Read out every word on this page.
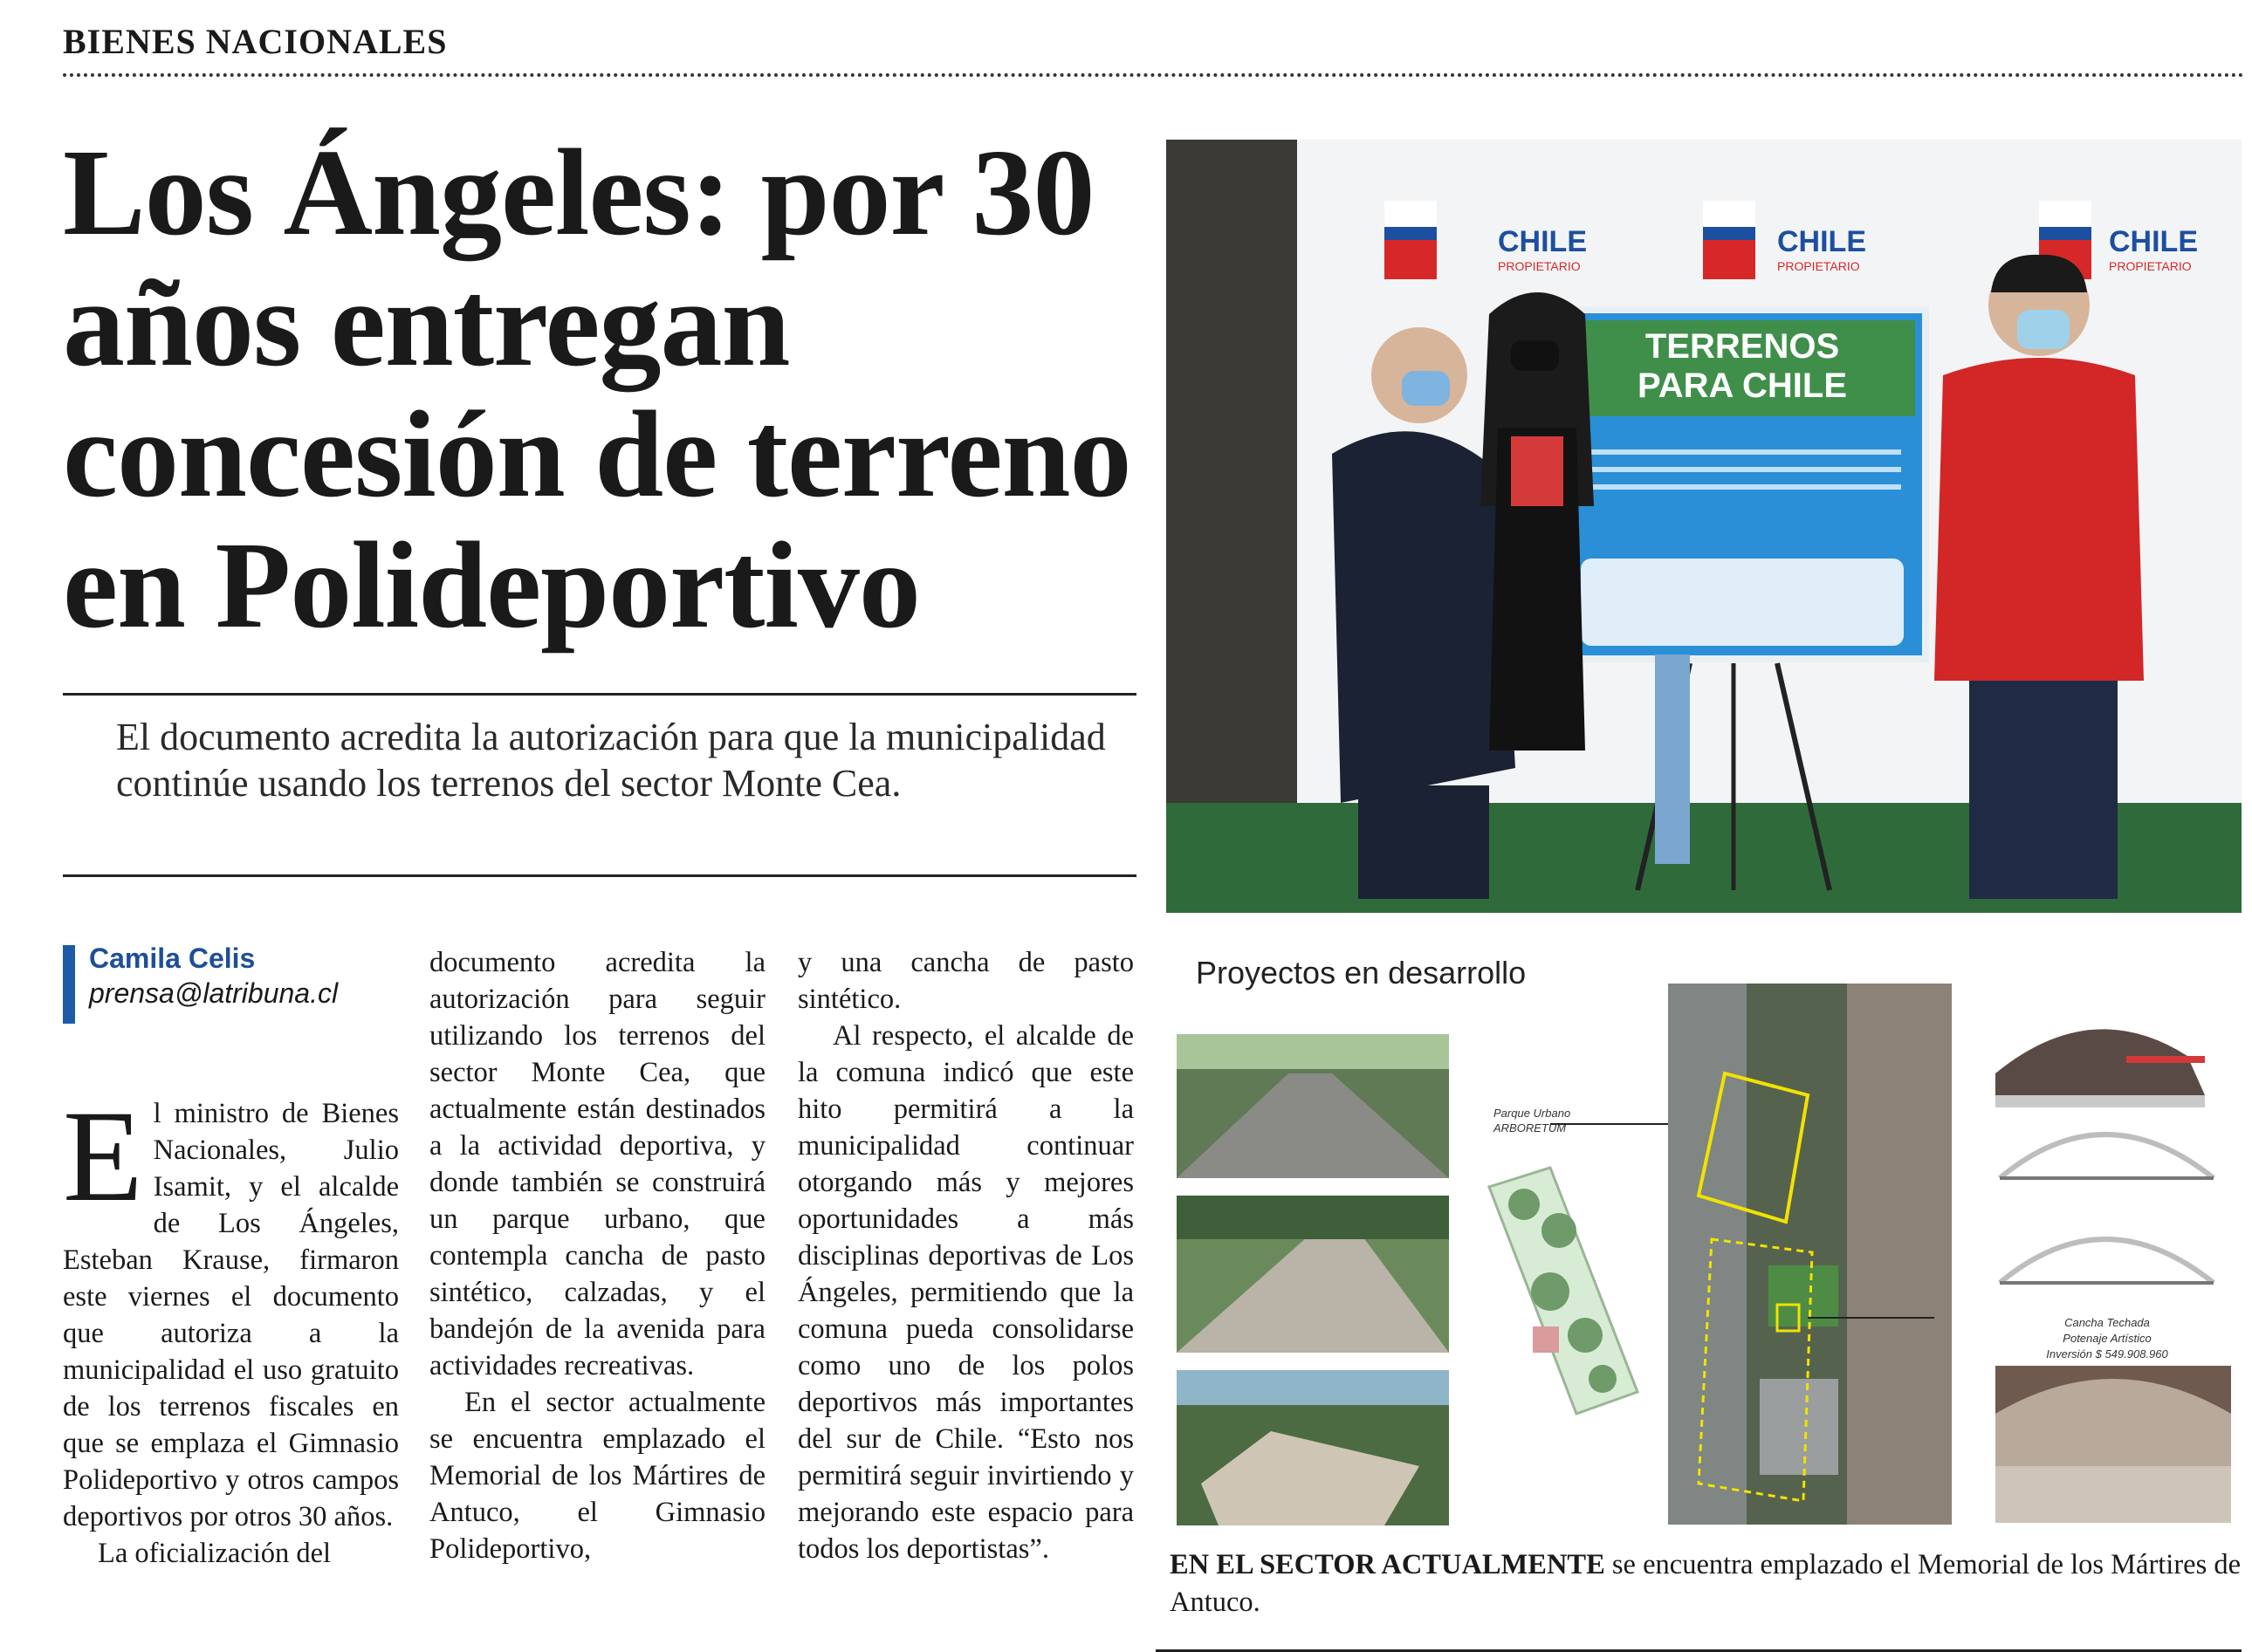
BIENES NACIONALES
Los Ángeles: por 30 años entregan concesión de terreno en Polideportivo
El documento acredita la autorización para que la municipalidad continúe usando los terrenos del sector Monte Cea.
Camila Celis
prensa@latribuna.cl

El ministro de Bienes Nacionales, Julio Isamit, y el alcalde de Los Ángeles, Esteban Krause, firmaron este viernes el documento que autoriza a la municipalidad el uso gratuito de los terrenos fiscales en que se emplaza el Gimnasio Polideportivo y otros campos deportivos por otros 30 años.

La oficialización del

documento acredita la autorización para seguir utilizando los terrenos del sector Monte Cea, que actualmente están destinados a la actividad deportiva, y donde también se construirá un parque urbano, que contempla cancha de pasto sintético, calzadas, y el bandejón de la avenida para actividades recreativas.

En el sector actualmente se encuentra emplazado el Memorial de los Mártires de Antuco, el Gimnasio Polideportivo,

y una cancha de pasto sintético.

Al respecto, el alcalde de la comuna indicó que este hito permitirá a la municipalidad continuar otorgando más y mejores oportunidades a más disciplinas deportivas de Los Ángeles, permitiendo que la comuna pueda consolidarse como uno de los polos deportivos más importantes del sur de Chile. “Esto nos permitirá seguir invirtiendo y mejorando este espacio para todos los deportistas”.

CHILE
PROPIETARIO
CHILE
PROPIETARIO
CHILE
PROPIETARIO
TERRENOS
PARA CHILE
Parque Urbano
ARBORETUM
Cancha Techada
Potenaje Artístico
Inversión $ 549.908.960
Proyectos en desarrollo
EN EL SECTOR ACTUALMENTE se encuentra emplazado el Memorial de los Mártires de Antuco.
